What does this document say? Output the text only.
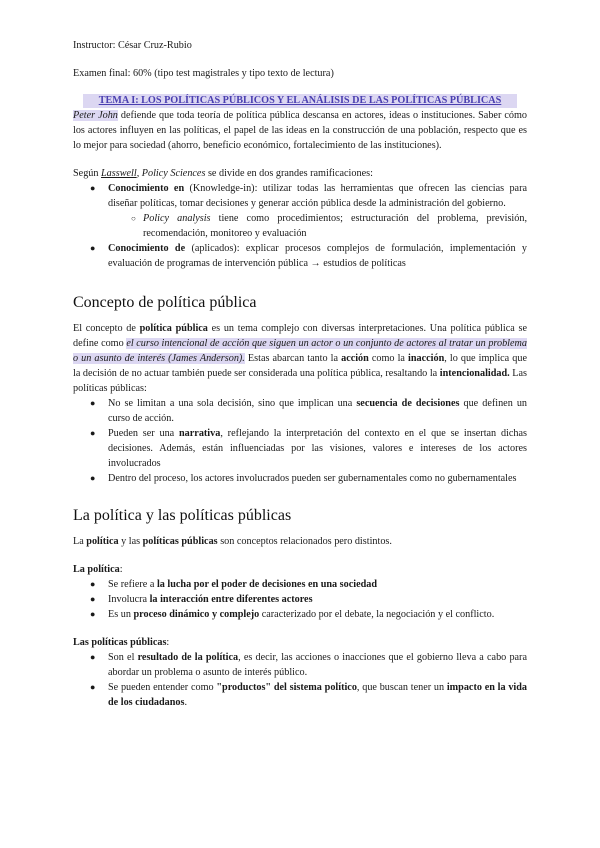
Instructor: César Cruz-Rubio

Examen final: 60% (tipo test magistrales y tipo texto de lectura)

TEMA I: LOS POLÍTICAS PÚBLICOS Y EL ANÁLISIS DE LAS POLÍTICAS PÚBLICAS

Peter John defiende que toda teoría de política pública descansa en actores, ideas o instituciones. Saber cómo los actores influyen en las políticas, el papel de las ideas en la construcción de una población, respecto que es lo mejor para sociedad (ahorro, beneficio económico, fortalecimiento de las instituciones).

Según Lasswell, Policy Sciences se divide en dos grandes ramificaciones:

● Conocimiento en (Knowledge-in): utilizar todas las herramientas que ofrecen las ciencias para diseñar políticas, tomar decisiones y generar acción pública desde la administración del gobierno.
○ Policy analysis tiene como procedimientos; estructuración del problema, previsión, recomendación, monitoreo y evaluación
● Conocimiento de (aplicados): explicar procesos complejos de formulación, implementación y evaluación de programas de intervención pública → estudios de políticas
Concepto de política pública

El concepto de política pública es un tema complejo con diversas interpretaciones. Una política pública se define como el curso intencional de acción que siguen un actor o un conjunto de actores al tratar un problema o un asunto de interés (James Anderson). Estas abarcan tanto la acción como la inacción, lo que implica que la decisión de no actuar también puede ser considerada una política pública, resaltando la intencionalidad. Las políticas públicas:

● No se limitan a una sola decisión, sino que implican una secuencia de decisiones que definen un curso de acción.
● Pueden ser una narrativa, reflejando la interpretación del contexto en el que se insertan dichas decisiones. Además, están influenciadas por las visiones, valores e intereses de los actores involucrados
● Dentro del proceso, los actores involucrados pueden ser gubernamentales como no gubernamentales
La política y las políticas públicas

La política y las políticas públicas son conceptos relacionados pero distintos.

La política:

● Se refiere a la lucha por el poder de decisiones en una sociedad
● Involucra la interacción entre diferentes actores
● Es un proceso dinámico y complejo caracterizado por el debate, la negociación y el conflicto.

Las políticas públicas:

● Son el resultado de la política, es decir, las acciones o inacciones que el gobierno lleva a cabo para abordar un problema o asunto de interés público.
● Se pueden entender como "productos" del sistema político, que buscan tener un impacto en la vida de los ciudadanos.
